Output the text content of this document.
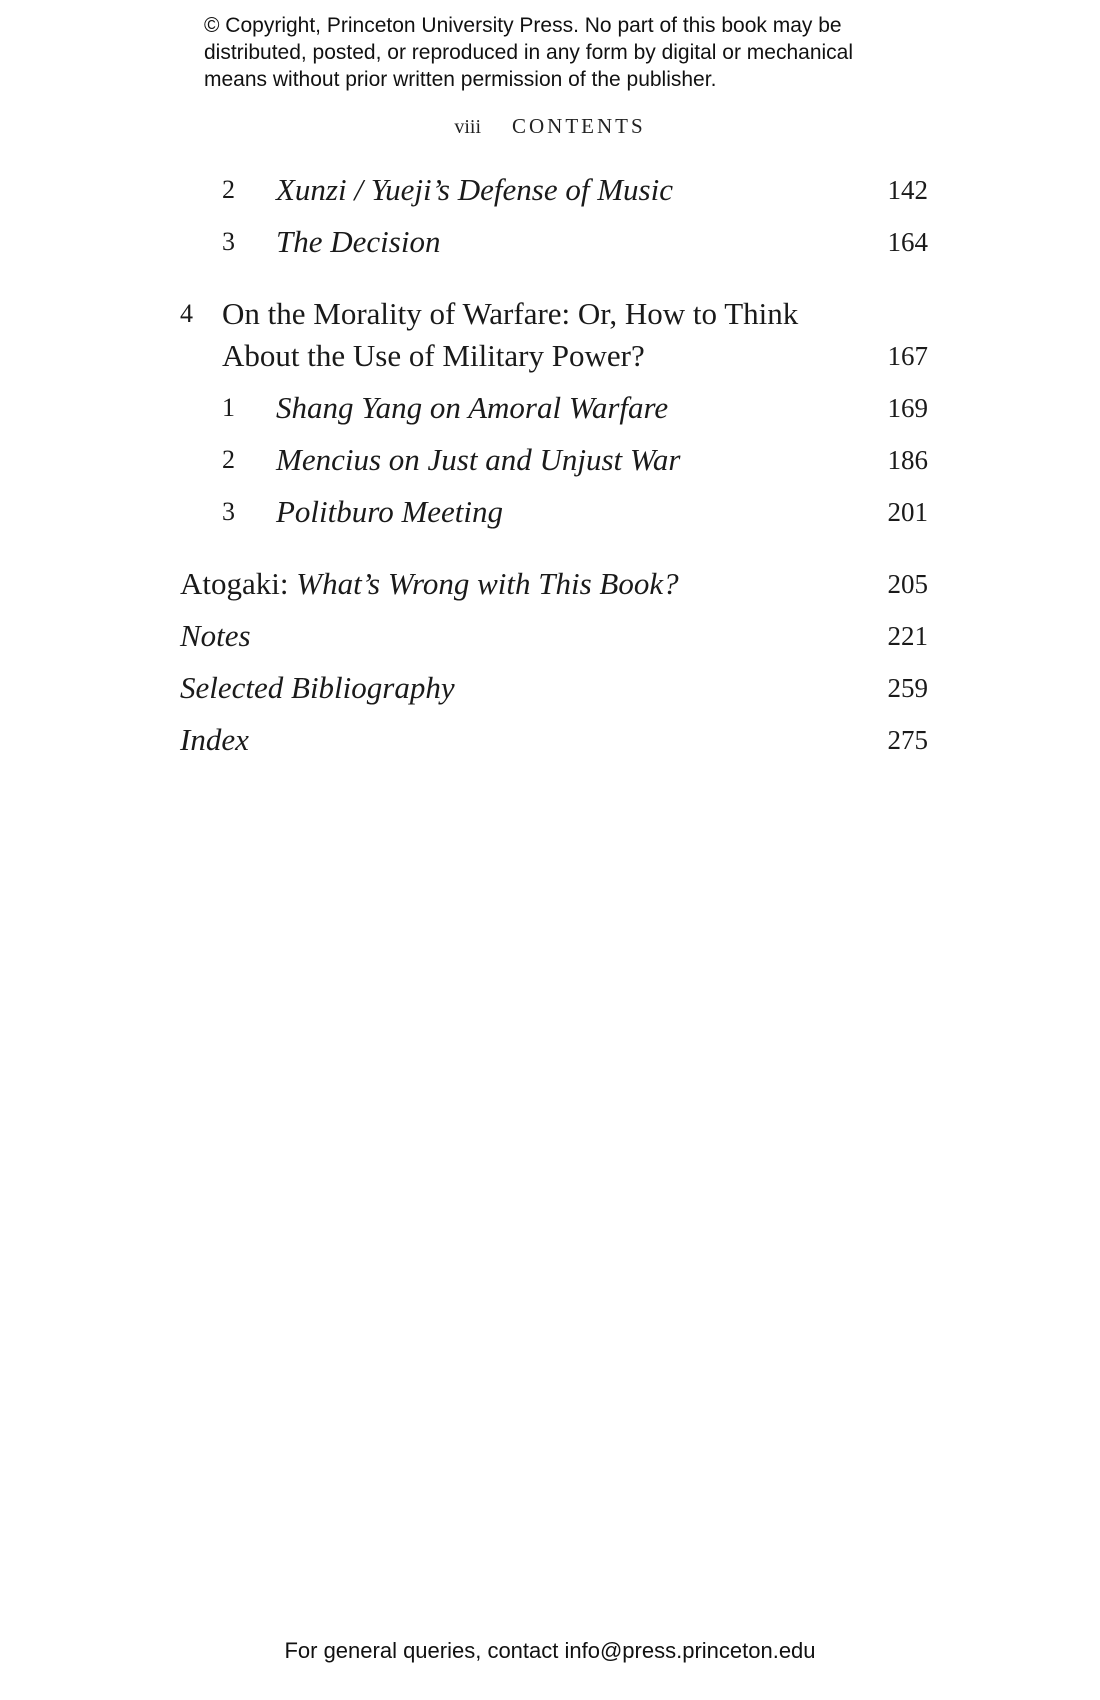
© Copyright, Princeton University Press. No part of this book may be
distributed, posted, or reproduced in any form by digital or mechanical
means without prior written permission of the publisher.
viii CONTENTS
2 Xunzi / Yueji’s Defense of Music	142
3 The Decision	164
4 On the Morality of Warfare: Or, How to Think
About the Use of Military Power?	167
1 Shang Yang on Amoral Warfare	169
2 Mencius on Just and Unjust War	186
3 Politburo Meeting	201
Atogaki: What’s Wrong with This Book?	205
Notes	221
Selected Bibliography	259
Index	275
For general queries, contact info@press.princeton.edu
